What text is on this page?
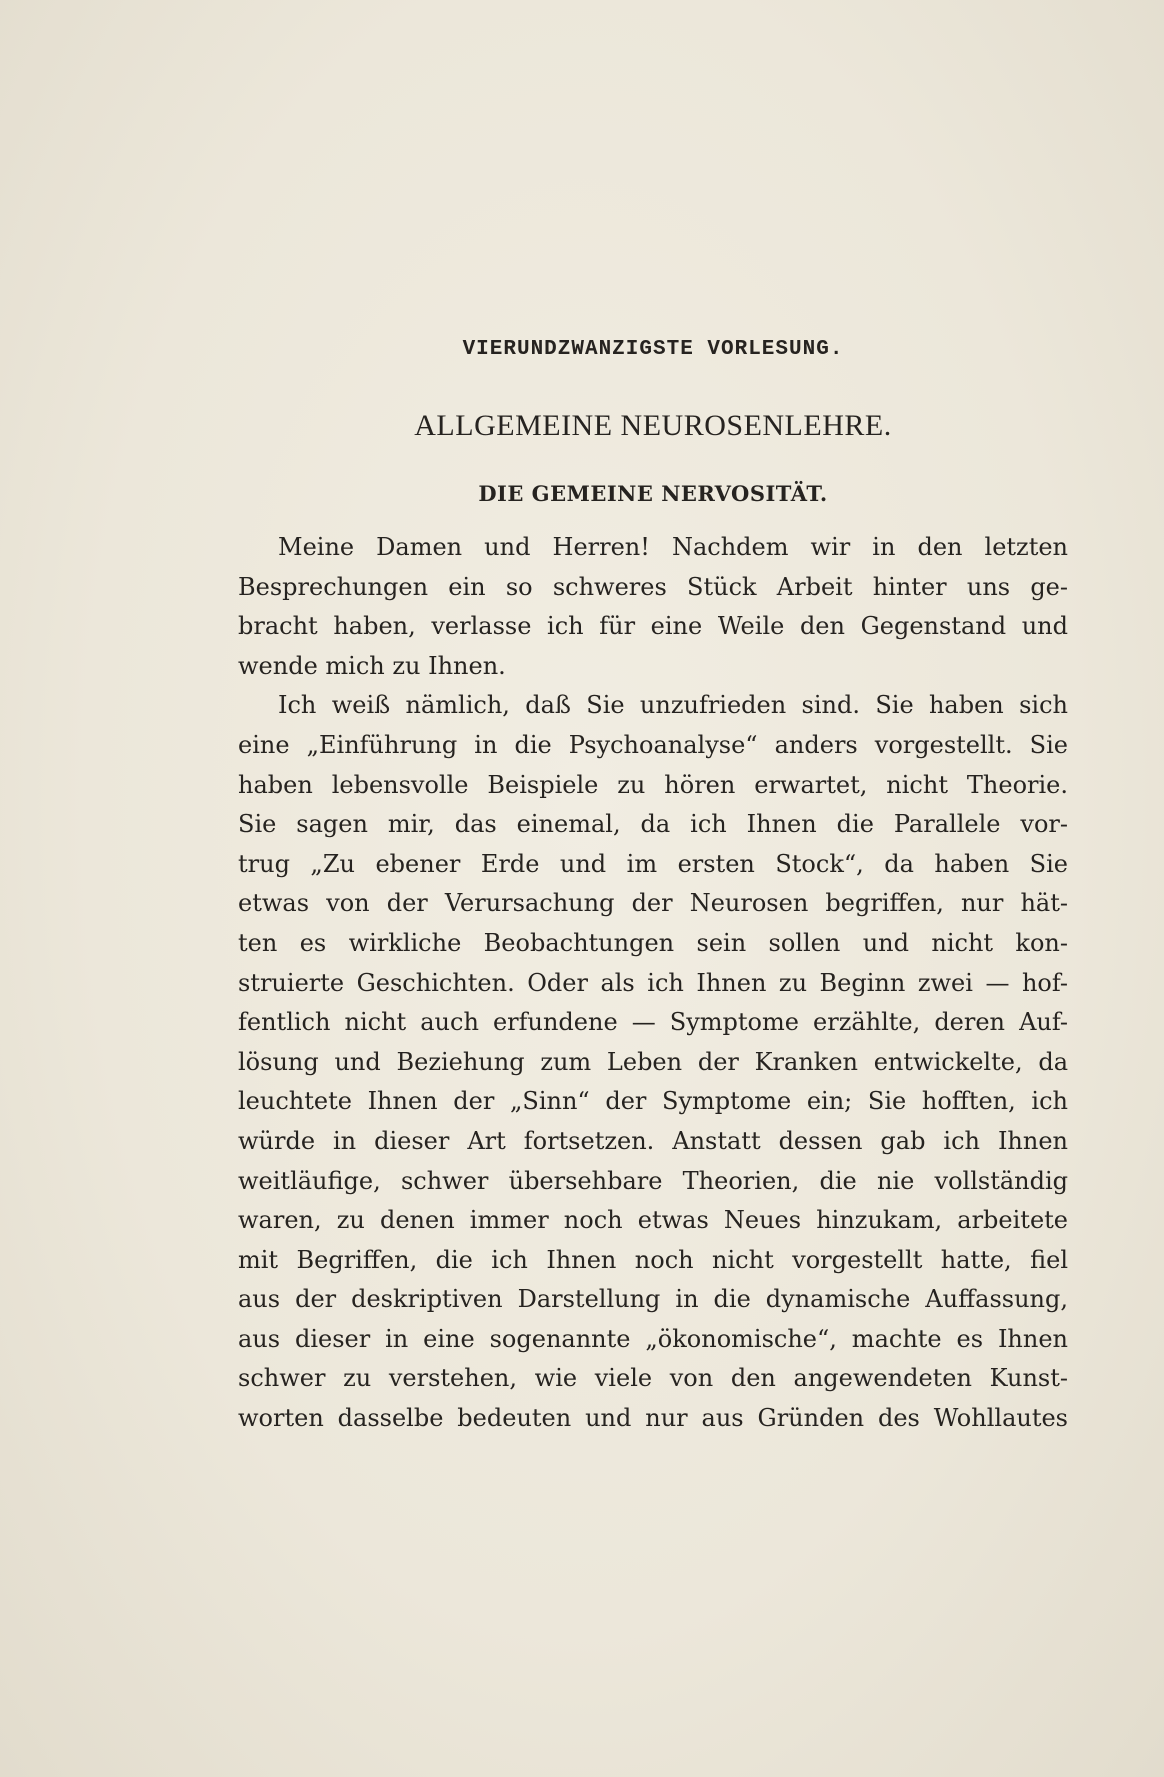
VIERUNDZWANZIGSTE VORLESUNG.
ALLGEMEINE NEUROSENLEHRE.
DIE GEMEINE NERVOSITÄT.

Meine Damen und Herren! Nachdem wir in den letzten
Besprechungen ein so schweres Stück Arbeit hinter uns ge-
bracht haben, verlasse ich für eine Weile den Gegenstand und
wende mich zu Ihnen.

Ich weiß nämlich, daß Sie unzufrieden sind. Sie haben sich
eine „Einführung in die Psychoanalyse“ anders vorgestellt. Sie
haben lebensvolle Beispiele zu hören erwartet, nicht Theorie.
Sie sagen mir, das einemal, da ich Ihnen die Parallele vor-
trug „Zu ebener Erde und im ersten Stock“, da haben Sie
etwas von der Verursachung der Neurosen begriffen, nur hät-
ten es wirkliche Beobachtungen sein sollen und nicht kon-
struierte Geschichten. Oder als ich Ihnen zu Beginn zwei — hof-
fentlich nicht auch erfundene — Symptome erzählte, deren Auf-
lösung und Beziehung zum Leben der Kranken entwickelte, da
leuchtete Ihnen der „Sinn“ der Symptome ein; Sie hofften, ich
würde in dieser Art fortsetzen. Anstatt dessen gab ich Ihnen
weitläufige, schwer übersehbare Theorien, die nie vollständig
waren, zu denen immer noch etwas Neues hinzukam, arbeitete
mit Begriffen, die ich Ihnen noch nicht vorgestellt hatte, fiel
aus der deskriptiven Darstellung in die dynamische Auffassung,
aus dieser in eine sogenannte „ökonomische“, machte es Ihnen
schwer zu verstehen, wie viele von den angewendeten Kunst-
worten dasselbe bedeuten und nur aus Gründen des Wohllautes
